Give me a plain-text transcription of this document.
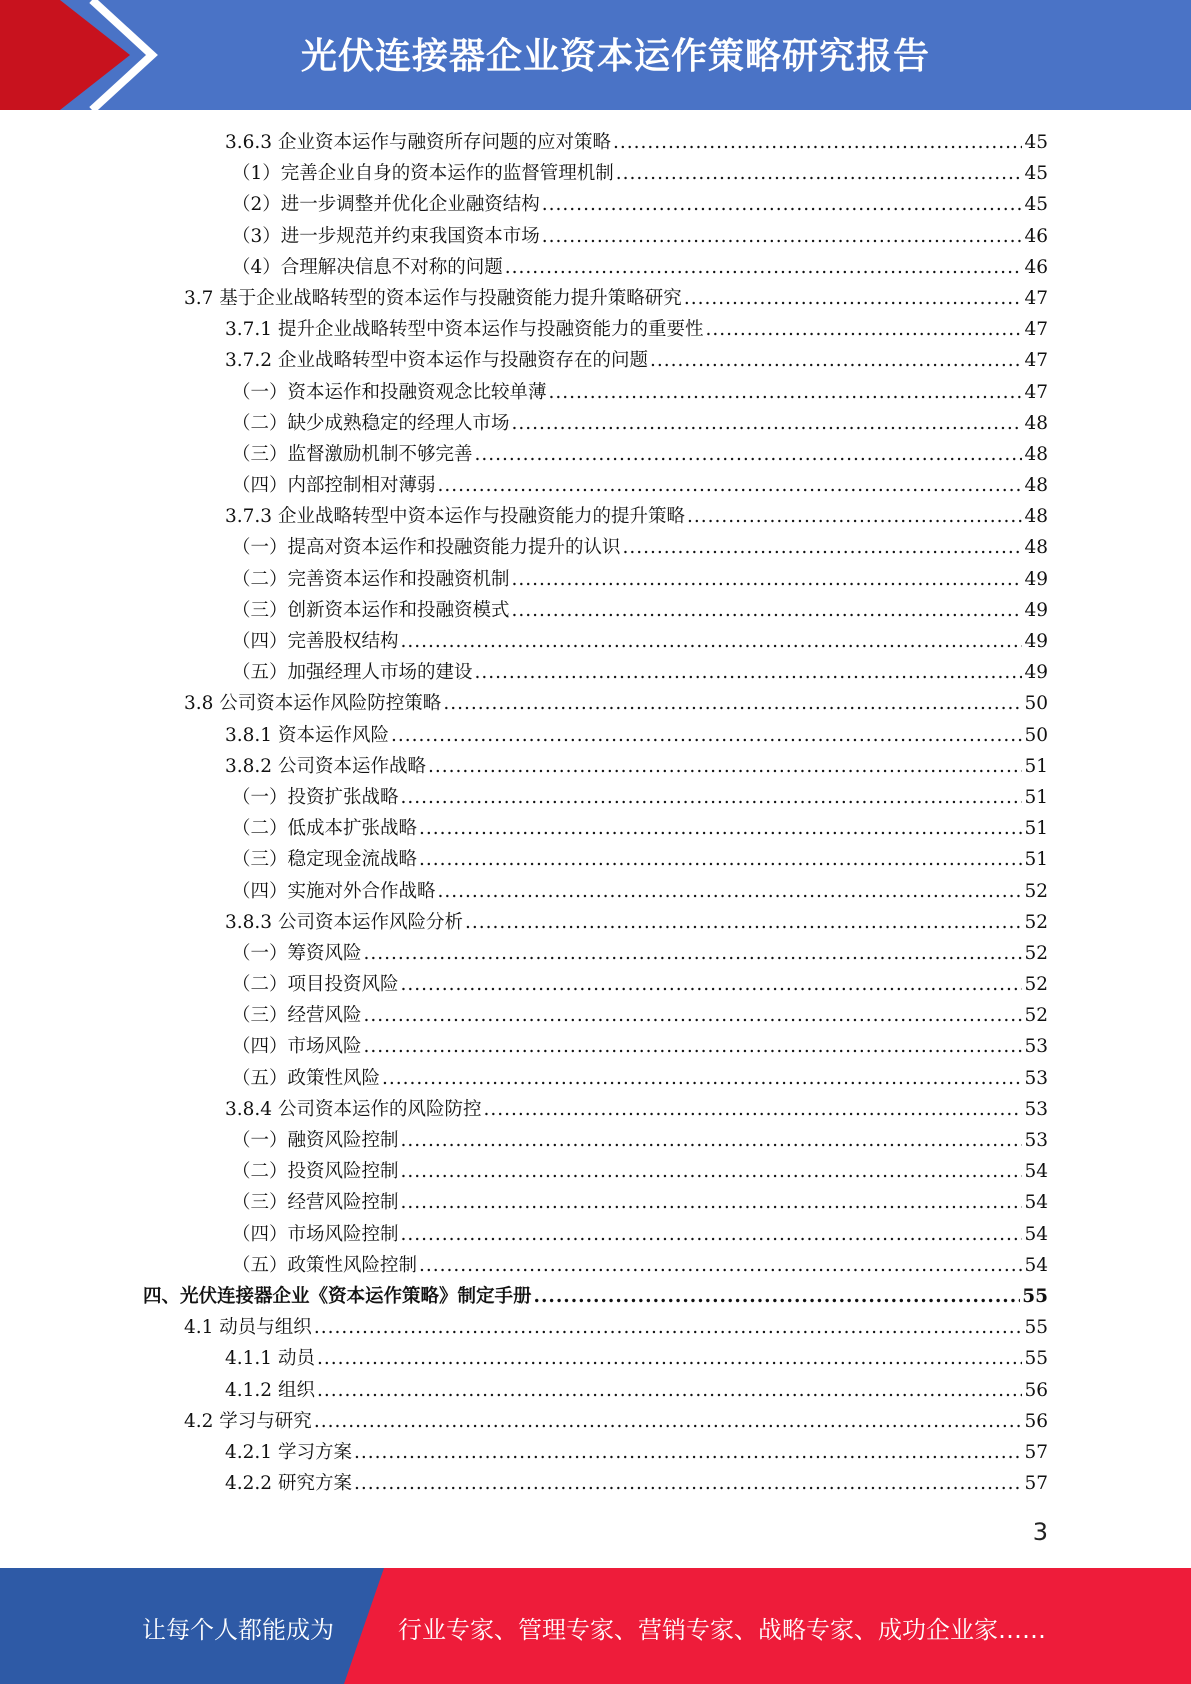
光伏连接器企业资本运作策略研究报告
3.6.3 企业资本运作与融资所存问题的应对策略 .....	45
（1）完善企业自身的资本运作的监督管理机制 .....	45
（2）进一步调整并优化企业融资结构 .....	45
（3）进一步规范并约束我国资本市场 .....	46
（4）合理解决信息不对称的问题 .....	46
3.7 基于企业战略转型的资本运作与投融资能力提升策略研究 .....	47
3.7.1 提升企业战略转型中资本运作与投融资能力的重要性 .....	47
3.7.2 企业战略转型中资本运作与投融资存在的问题 .....	47
（一）资本运作和投融资观念比较单薄 .....	47
（二）缺少成熟稳定的经理人市场 .....	48
（三）监督激励机制不够完善 .....	48
（四）内部控制相对薄弱 .....	48
3.7.3 企业战略转型中资本运作与投融资能力的提升策略 .....	48
（一）提高对资本运作和投融资能力提升的认识 .....	48
（二）完善资本运作和投融资机制 .....	49
（三）创新资本运作和投融资模式 .....	49
（四）完善股权结构 .....	49
（五）加强经理人市场的建设 .....	49
3.8 公司资本运作风险防控策略 .....	50
3.8.1 资本运作风险 .....	50
3.8.2 公司资本运作战略 .....	51
（一）投资扩张战略 .....	51
（二）低成本扩张战略 .....	51
（三）稳定现金流战略 .....	51
（四）实施对外合作战略 .....	52
3.8.3 公司资本运作风险分析 .....	52
（一）筹资风险 .....	52
（二）项目投资风险 .....	52
（三）经营风险 .....	52
（四）市场风险 .....	53
（五）政策性风险 .....	53
3.8.4 公司资本运作的风险防控 .....	53
（一）融资风险控制 .....	53
（二）投资风险控制 .....	54
（三）经营风险控制 .....	54
（四）市场风险控制 .....	54
（五）政策性风险控制 .....	54
四、光伏连接器企业《资本运作策略》制定手册 .....	55
4.1 动员与组织 .....	55
4.1.1 动员 .....	55
4.1.2 组织 .....	56
4.2 学习与研究 .....	56
4.2.1 学习方案 .....	57
4.2.2 研究方案 .....	57
3
让每个人都能成为	行业专家、管理专家、营销专家、战略专家、成功企业家……
